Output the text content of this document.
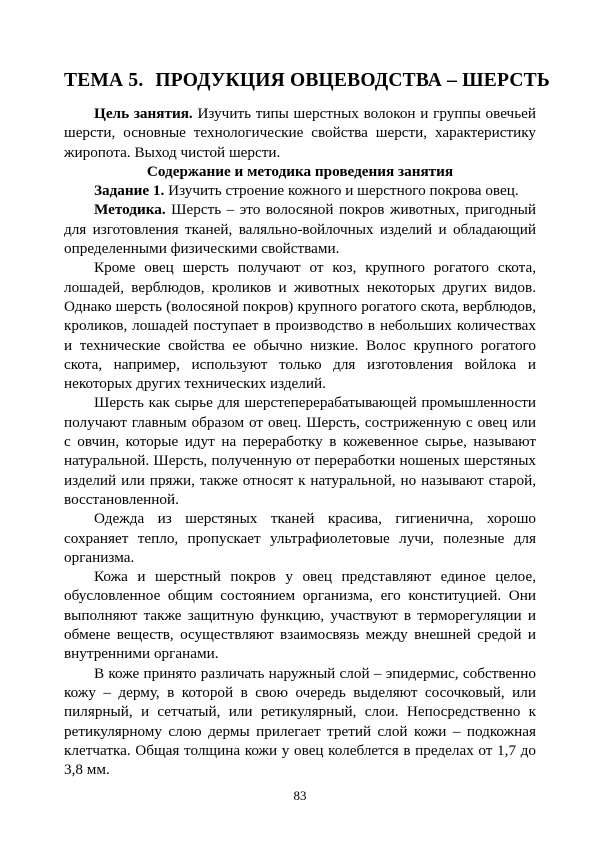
ТЕМА 5. ПРОДУКЦИЯ ОВЦЕВОДСТВА – ШЕРСТЬ

Цель занятия. Изучить типы шерстных волокон и группы овечьей шерсти, основные технологические свойства шерсти, характеристику жиропота. Выход чистой шерсти.

Содержание и методика проведения занятия

Задание 1. Изучить строение кожного и шерстного покрова овец.

Методика. Шерсть – это волосяной покров животных, пригодный для изготовления тканей, валяльно-войлочных изделий и обладающий определенными физическими свойствами.

Кроме овец шерсть получают от коз, крупного рогатого скота, лошадей, верблюдов, кроликов и животных некоторых других видов. Однако шерсть (волосяной покров) крупного рогатого скота, верблюдов, кроликов, лошадей поступает в производство в небольших количествах и технические свойства ее обычно низкие. Волос крупного рогатого скота, например, используют только для изготовления войлока и некоторых других технических изделий.

Шерсть как сырье для шерстеперерабатывающей промышленности получают главным образом от овец. Шерсть, состриженную с овец или с овчин, которые идут на переработку в кожевенное сырье, называют натуральной. Шерсть, полученную от переработки ношеных шерстяных изделий или пряжи, также относят к натуральной, но называют старой, восстановленной.

Одежда из шерстяных тканей красива, гигиенична, хорошо сохраняет тепло, пропускает ультрафиолетовые лучи, полезные для организма.

Кожа и шерстный покров у овец представляют единое целое, обусловленное общим состоянием организма, его конституцией. Они выполняют также защитную функцию, участвуют в терморегуляции и обмене веществ, осуществляют взаимосвязь между внешней средой и внутренними органами.

В коже принято различать наружный слой – эпидермис, собственно кожу – дерму, в которой в свою очередь выделяют сосочковый, или пилярный, и сетчатый, или ретикулярный, слои. Непосредственно к ретикулярному слою дермы прилегает третий слой кожи – подкожная клетчатка. Общая толщина кожи у овец колеблется в пределах от 1,7 до 3,8 мм.

83
